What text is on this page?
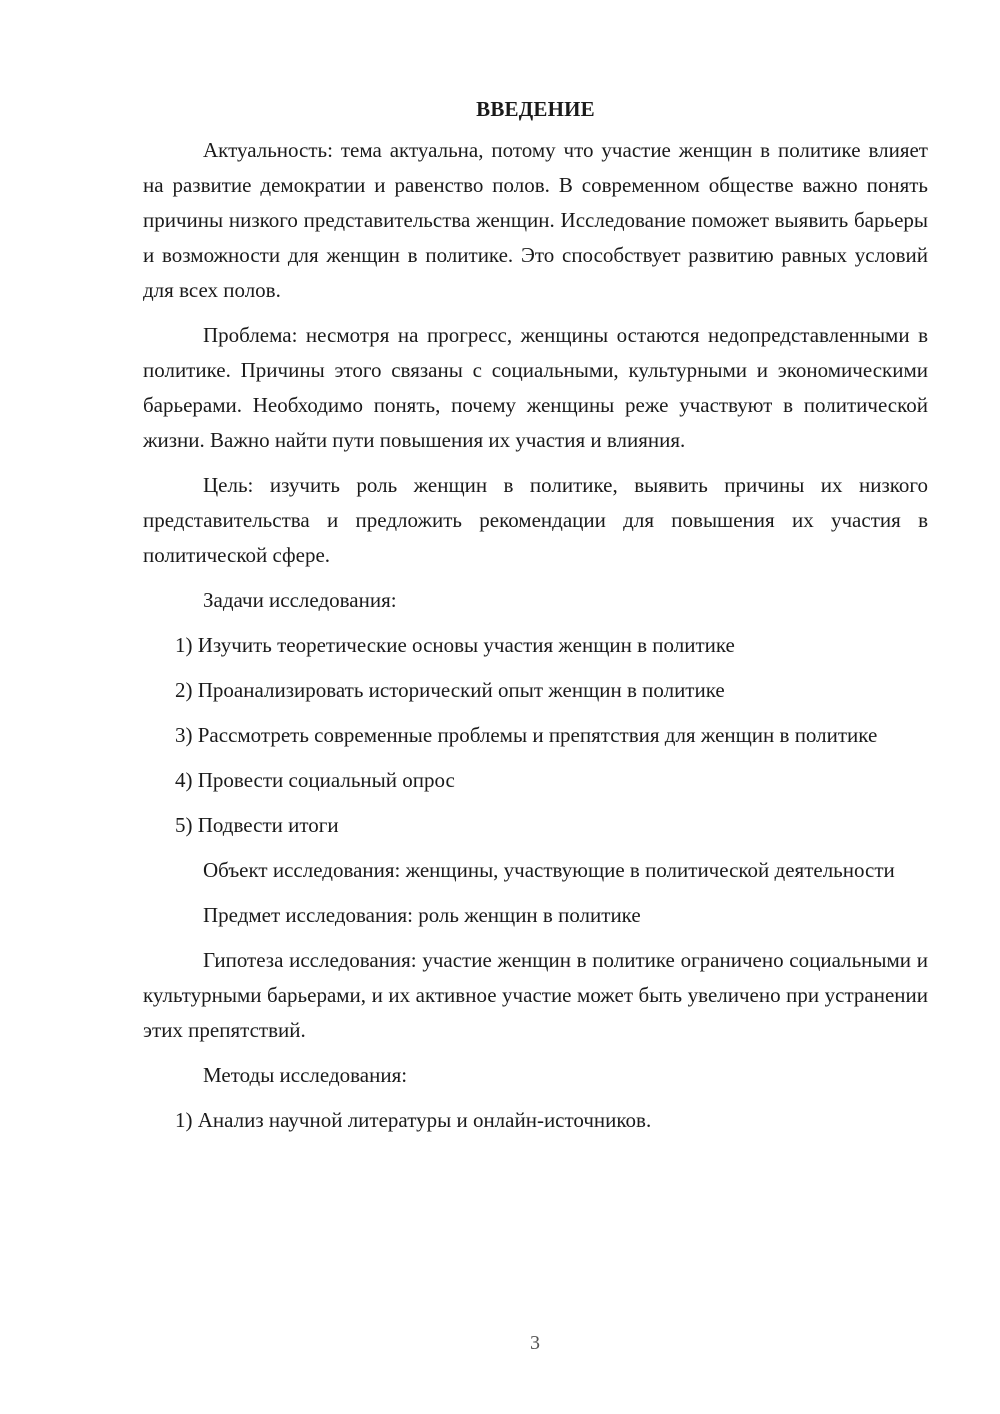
ВВЕДЕНИЕ

Актуальность: тема актуальна, потому что участие женщин в политике влияет на развитие демократии и равенство полов. В современном обществе важно понять причины низкого представительства женщин. Исследование поможет выявить барьеры и возможности для женщин в политике. Это способствует развитию равных условий для всех полов.

Проблема: несмотря на прогресс, женщины остаются недопредставленными в политике. Причины этого связаны с социальными, культурными и экономическими барьерами. Необходимо понять, почему женщины реже участвуют в политической жизни. Важно найти пути повышения их участия и влияния.

Цель: изучить роль женщин в политике, выявить причины их низкого представительства и предложить рекомендации для повышения их участия в политической сфере.

Задачи исследования:

1) Изучить теоретические основы участия женщин в политике

2) Проанализировать исторический опыт женщин в политике

3) Рассмотреть современные проблемы и препятствия для женщин в политике

4) Провести социальный опрос

5) Подвести итоги

Объект исследования: женщины, участвующие в политической деятельности

Предмет исследования: роль женщин в политике

Гипотеза исследования: участие женщин в политике ограничено социальными и культурными барьерами, и их активное участие может быть увеличено при устранении этих препятствий.

Методы исследования:

1) Анализ научной литературы и онлайн-источников.

3
